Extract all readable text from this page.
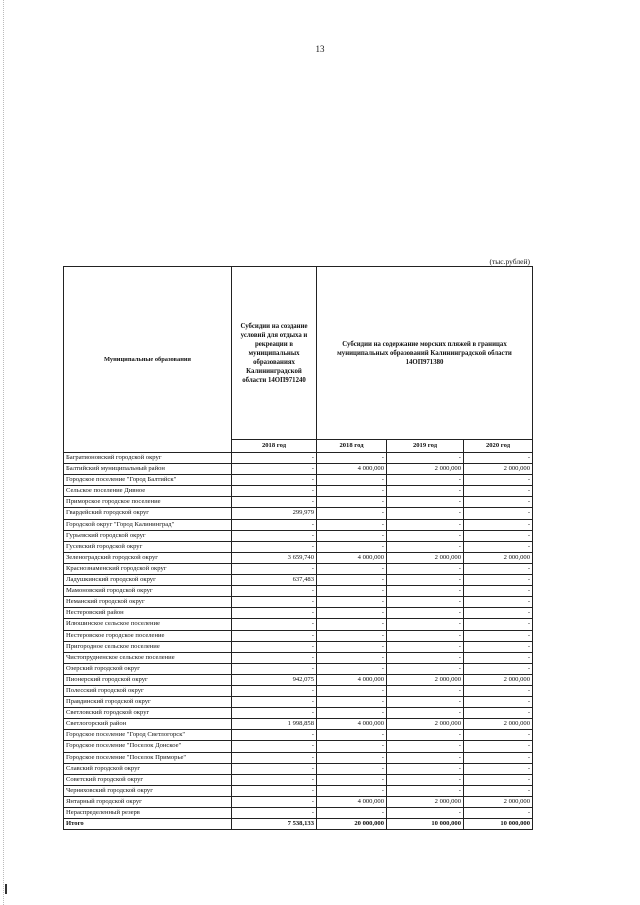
13
(тыс.рублей)
Муниципальные образования	Субсидии на создание условий для отдыха и рекреации в муниципальных образованиях Калининградской области 14ОП971240	Субсидии на содержание морских пляжей в границах муниципальных образований Калининградской области 14ОП971380		
	2018 год	2018 год	2019 год	2020 год
Багратионовский городской округ	-	-	-	-
Балтийский муниципальный район	-	4 000,000	2 000,000	2 000,000
Городское поселение "Город Балтийск"	-	-	-	-
Сельское поселение Дивное	-	-	-	-
Приморское городское поселение	-	-	-	-
Гвардейский городской округ	299,979	-	-	-
Городской округ "Город Калининград"	-	-	-	-
Гурьевский городской округ	-	-	-	-
Гусевский городской округ	-	-	-	-
Зеленоградский городской округ	3 659,740	4 000,000	2 000,000	2 000,000
Краснознаменский городской округ	-	-	-	-
Ладушкинский городской округ	637,483	-	-	-
Мамоновский городской округ	-	-	-	-
Неманский городской округ	-	-	-	-
Нестеровский район	-	-	-	-
Илюшинское сельское поселение	-	-	-	-
Нестеровское городское поселение	-	-	-	-
Пригородное сельское поселение	-	-	-	-
Чистопрудненское сельское поселение	-	-	-	-
Озерский городской округ	-	-	-	-
Пионерский городской округ	942,075	4 000,000	2 000,000	2 000,000
Полесский городской округ	-	-	-	-
Правдинский городской округ	-	-	-	-
Светловский городской округ	-	-	-	-
Светлогорский район	1 998,858	4 000,000	2 000,000	2 000,000
Городское поселение "Город Светлогорск"	-	-	-	-
Городское поселение "Поселок Донское"	-	-	-	-
Городское поселение "Поселок Приморье"	-	-	-	-
Славский городской округ	-	-	-	-
Советский городской округ	-	-	-	-
Черняховский городской округ	-	-	-	-
Янтарный городской округ	-	4 000,000	2 000,000	2 000,000
Нераспределенный резерв	-	-	-	-
Итого	7 538,133	20 000,000	10 000,000	10 000,000
